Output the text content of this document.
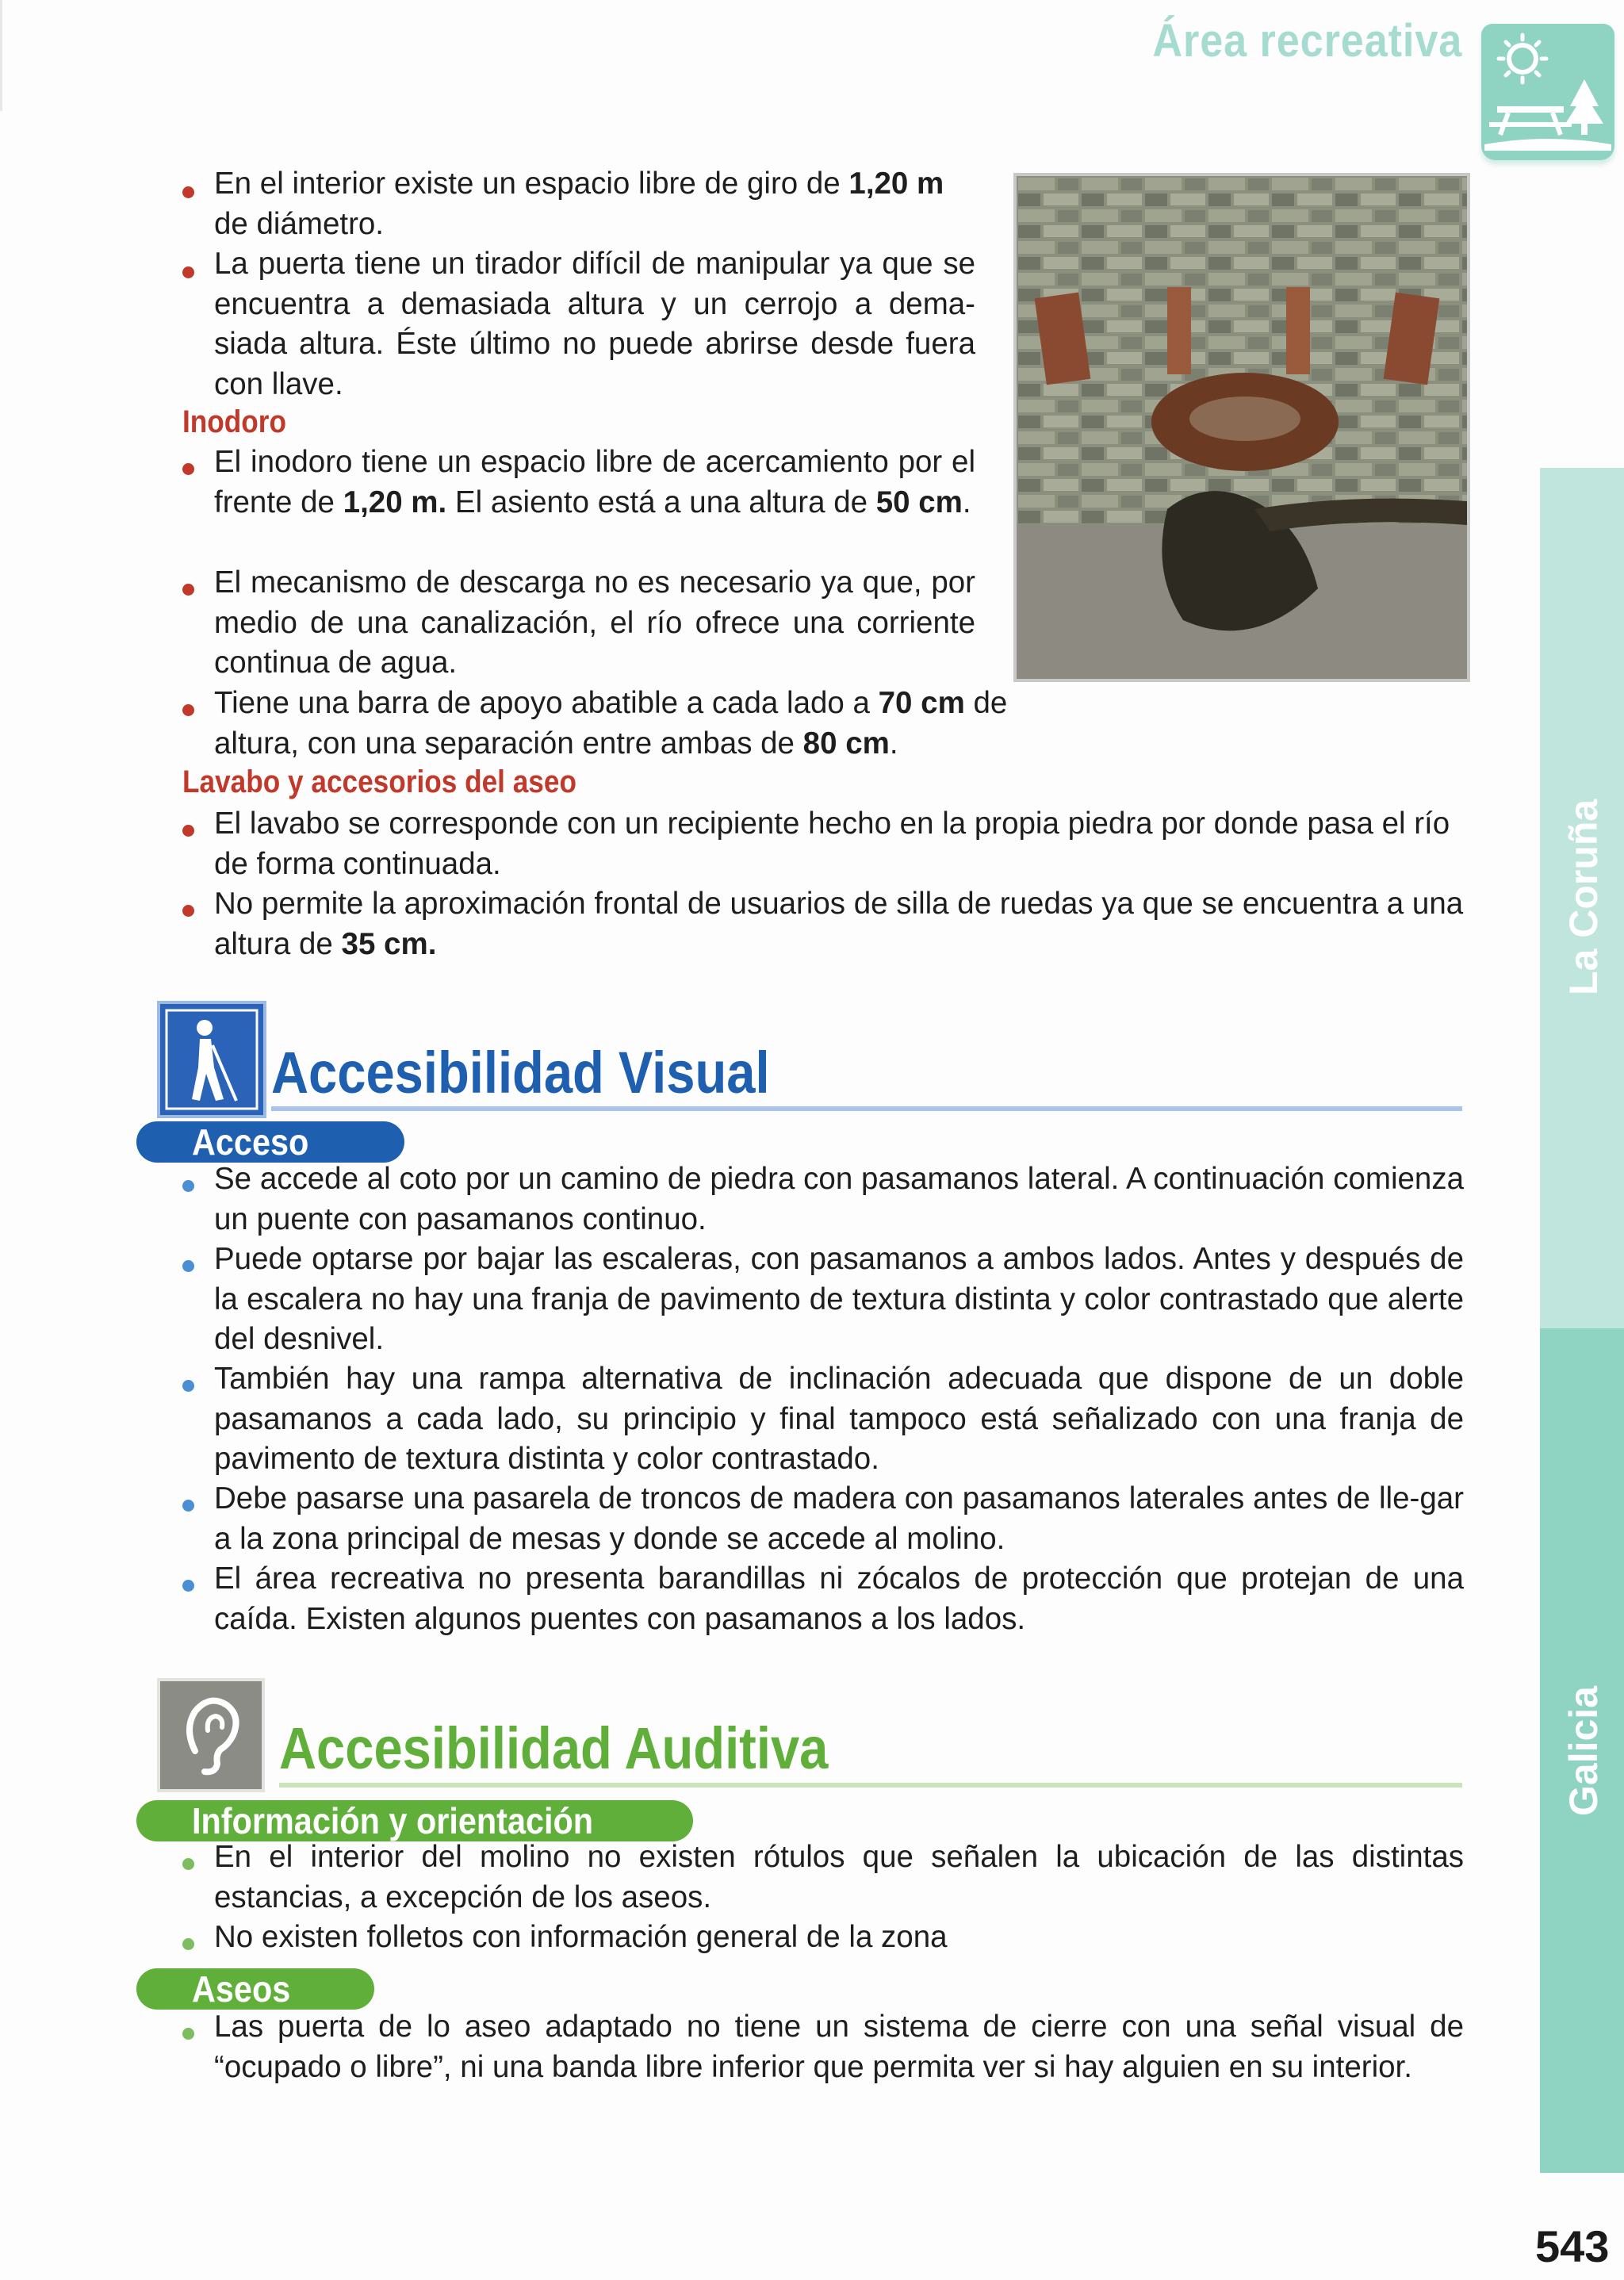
Área recreativa
La Coruña
Galicia
543

En el interior existe un espacio libre de giro de 1,20 m
de diámetro.

La puerta tiene un tirador difícil de manipular ya que se encuentra a demasiada altura y un cerrojo a dema-siada altura. Éste último no puede abrirse desde fuera con llave.

Inodoro

El inodoro tiene un espacio libre de acercamiento por el frente de 1,20 m. El asiento está a una altura de 50 cm.

El mecanismo de descarga no es necesario ya que, por medio de una canalización, el río ofrece una corriente continua de agua.

Tiene una barra de apoyo abatible a cada lado a 70 cm de altura, con una separación entre ambas de 80 cm.

Lavabo y accesorios del aseo

El lavabo se corresponde con un recipiente hecho en la propia piedra por donde pasa el río de forma continuada.

No permite la aproximación frontal de usuarios de silla de ruedas ya que se encuentra a una altura de 35 cm.

Accesibilidad Visual
Acceso

Se accede al coto por un camino de piedra con pasamanos lateral. A continuación comienza un puente con pasamanos continuo.

Puede optarse por bajar las escaleras, con pasamanos a ambos lados. Antes y después de la escalera no hay una franja de pavimento de textura distinta y color contrastado que alerte del desnivel.

También hay una rampa alternativa de inclinación adecuada que dispone de un doble pasamanos a cada lado, su principio y final tampoco está señalizado con una franja de pavimento de textura distinta y color contrastado.

Debe pasarse una pasarela de troncos de madera con pasamanos laterales antes de lle-gar a la zona principal de mesas y donde se accede al molino.

El área recreativa no presenta barandillas ni zócalos de protección que protejan de una caída. Existen algunos puentes con pasamanos a los lados.

Accesibilidad Auditiva
Información y orientación

En el interior del molino no existen rótulos que señalen la ubicación de las distintas estancias, a excepción de los aseos.

No existen folletos con información general de la zona

Aseos

Las puerta de lo aseo adaptado no tiene un sistema de cierre con una señal visual de “ocupado o libre”, ni una banda libre inferior que permita ver si hay alguien en su interior.
